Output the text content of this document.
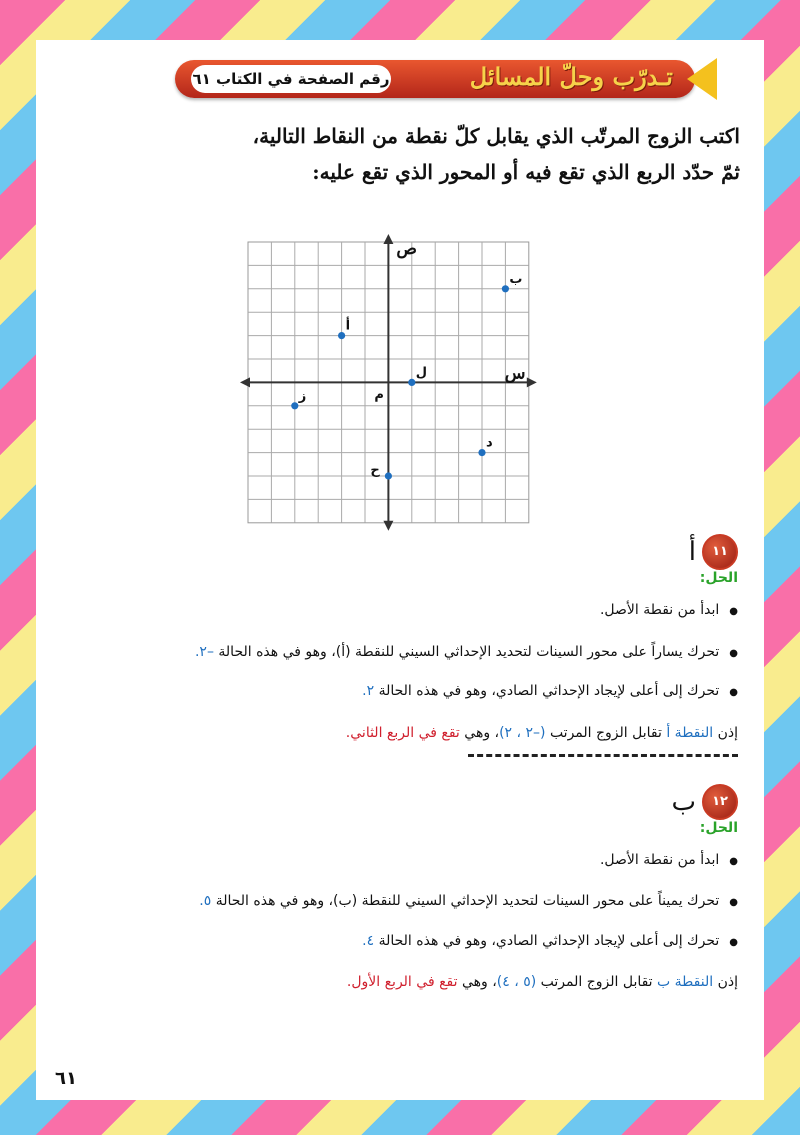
تـدرّب وحلّ المسائل
رقم الصفحة في الكتاب ٦١
اكتب الزوج المرتّب الذي يقابل كلّ نقطة من النقاط التالية،
ثمّ حدّد الربع الذي تقع فيه أو المحور الذي تقع عليه:
س
ص
م
ب
أ
ل
ز
د
ح
١١
أ
الحل:
● ابدأ من نقطة الأصل.
● تحرك يساراً على محور السينات لتحديد الإحداثي السيني للنقطة (أ)، وهو في هذه الحالة –٢.
● تحرك إلى أعلى لإيجاد الإحداثي الصادي، وهو في هذه الحالة ٢.
إذن النقطة أ تقابل الزوج المرتب (–٢ ، ٢)، وهي تقع في الربع الثاني.
١٢
ب
الحل:
● ابدأ من نقطة الأصل.
● تحرك يميناً على محور السينات لتحديد الإحداثي السيني للنقطة (ب)، وهو في هذه الحالة ٥.
● تحرك إلى أعلى لإيجاد الإحداثي الصادي، وهو في هذه الحالة ٤.
إذن النقطة ب تقابل الزوج المرتب (٥ ، ٤)، وهي تقع في الربع الأول.
٦١
